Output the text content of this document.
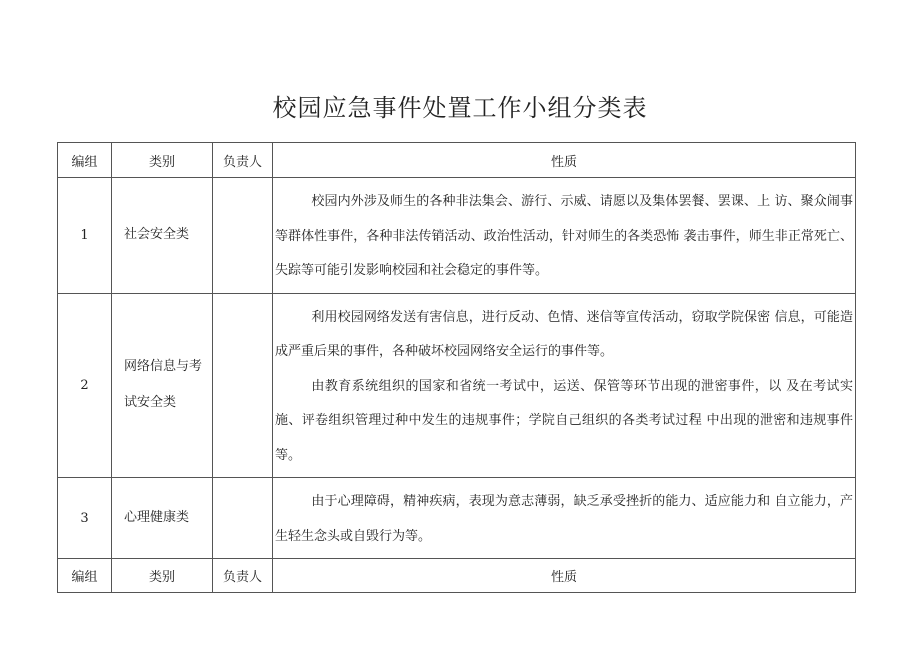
校园应急事件处置工作小组分类表
编组	类别	负责人	性质
1	社会安全类		校园内外涉及师生的各种非法集会、游行、示威、请愿以及集体罢餐、罢课、上 访、聚众闹事等群体性事件，各种非法传销活动、政治性活动，针对师生的各类恐怖 袭击事件，师生非正常死亡、失踪等可能引发影响校园和社会稳定的事件等。

2	网络信息与考试安全类		利用校园网络发送有害信息，进行反动、色情、迷信等宣传活动，窃取学院保密 信息，可能造成严重后果的事件，各种破坏校园网络安全运行的事件等。

由教育系统组织的国家和省统一考试中，运送、保管等环节出现的泄密事件，以 及在考试实施、评卷组织管理过种中发生的违规事件；学院自己组织的各类考试过程 中出现的泄密和违规事件等。

3	心理健康类		由于心理障碍，精神疾病，表现为意志薄弱，缺乏承受挫折的能力、适应能力和 自立能力，产生轻生念头或自毁行为等。

编组	类别	负责人	性质
